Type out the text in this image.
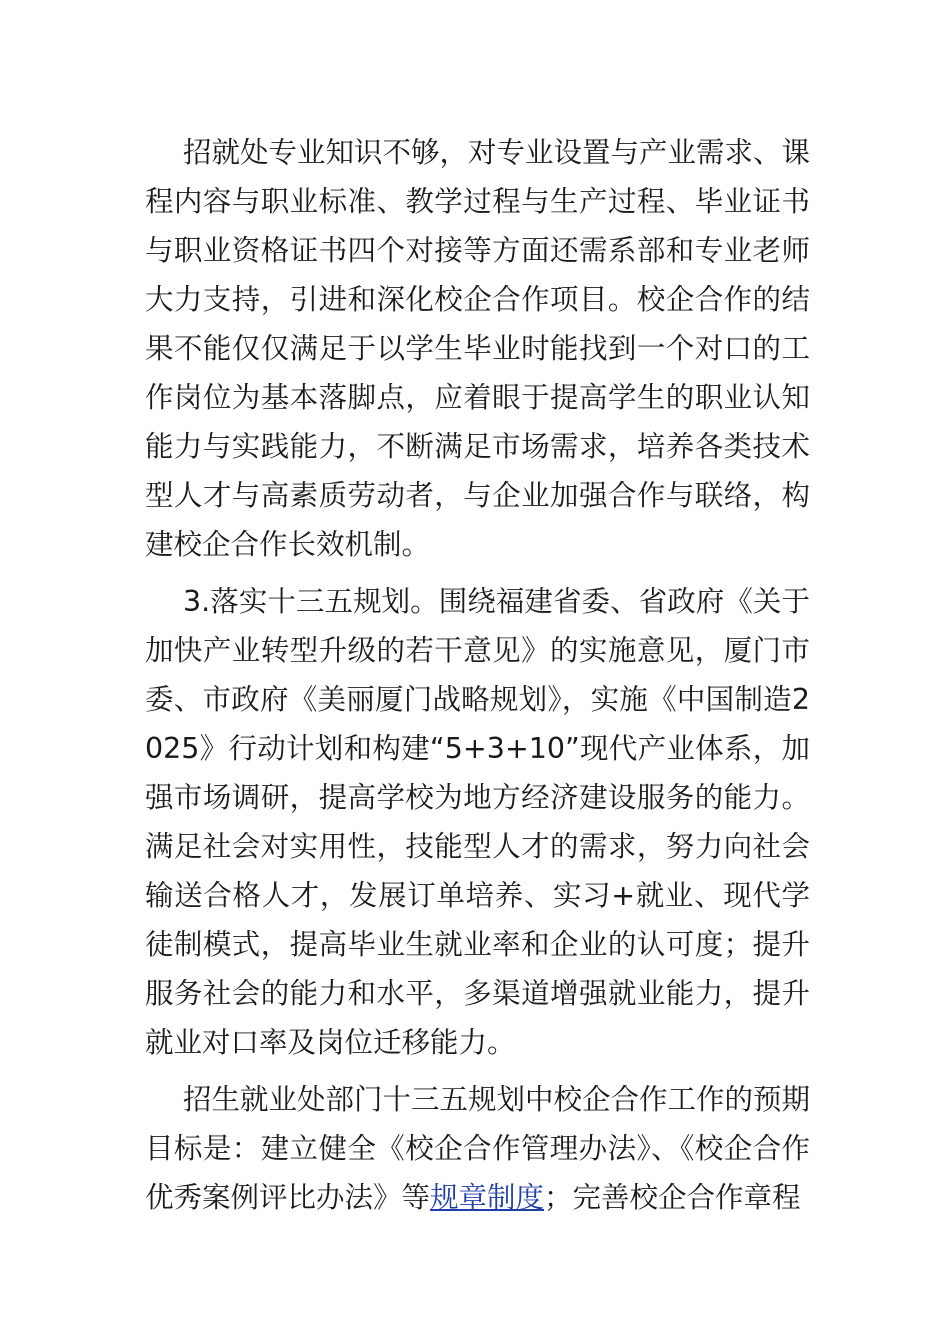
招就处专业知识不够，对专业设置与产业需求、课程内容与职业标准、教学过程与生产过程、毕业证书与职业资格证书四个对接等方面还需系部和专业老师大力支持，引进和深化校企合作项目。校企合作的结果不能仅仅满足于以学生毕业时能找到一个对口的工作岗位为基本落脚点，应着眼于提高学生的职业认知能力与实践能力，不断满足市场需求，培养各类技术型人才与高素质劳动者，与企业加强合作与联络，构建校企合作长效机制。

3.落实十三五规划。围绕福建省委、省政府《关于加快产业转型升级的若干意见》的实施意见，厦门市委、市政府《美丽厦门战略规划》，实施《中国制造2025》行动计划和构建“5+3+10”现代产业体系，加强市场调研，提高学校为地方经济建设服务的能力。满足社会对实用性，技能型人才的需求，努力向社会输送合格人才，发展订单培养、实习+就业、现代学徒制模式，提高毕业生就业率和企业的认可度；提升服务社会的能力和水平，多渠道增强就业能力，提升就业对口率及岗位迁移能力。

招生就业处部门十三五规划中校企合作工作的预期目标是：建立健全《校企合作管理办法》、《校企合作优秀案例评比办法》等规章制度；完善校企合作章程
